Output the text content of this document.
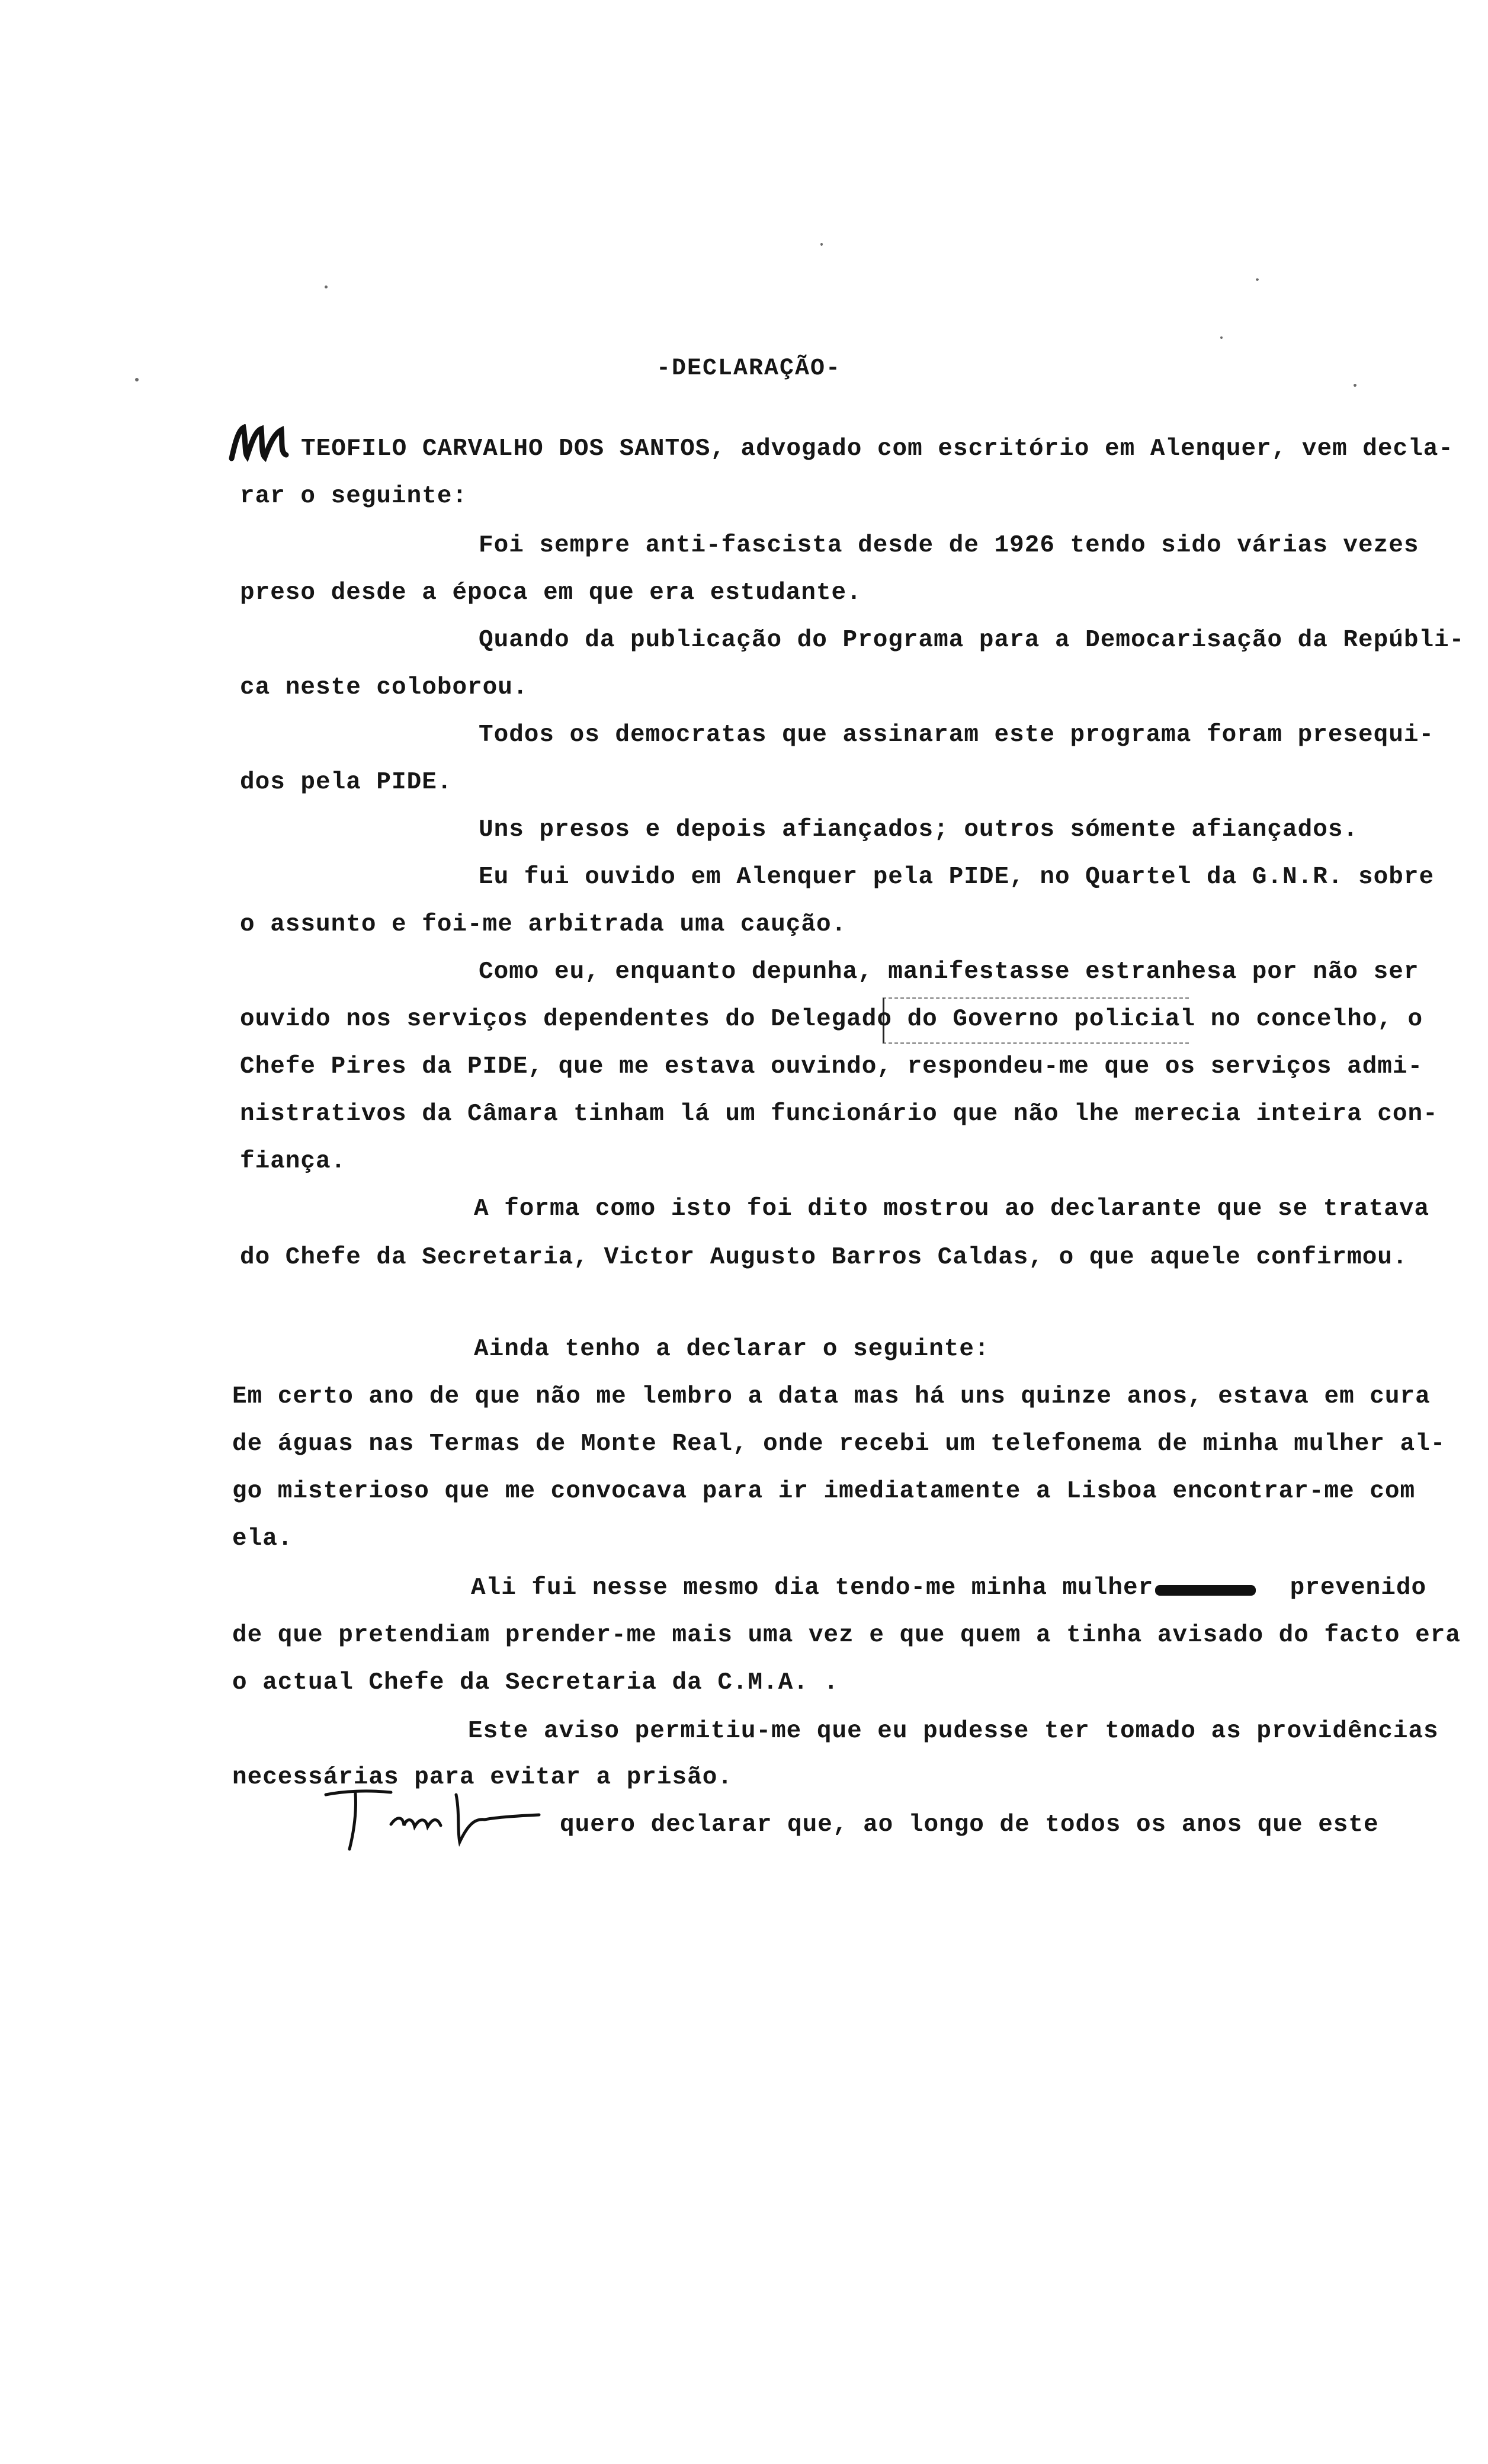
-DECLARAÇÃO-
TEOFILO CARVALHO DOS SANTOS, advogado com escritório em Alenquer, vem decla-
rar o seguinte:
Foi sempre anti-fascista desde de 1926 tendo sido várias vezes
preso desde a época em que era estudante.
Quando da publicação do Programa para a Democarisação da Repúbli-
ca neste coloborou.
Todos os democratas que assinaram este programa foram presequi-
dos pela PIDE.
Uns presos e depois afiançados; outros sómente afiançados.
Eu fui ouvido em Alenquer pela PIDE, no Quartel da G.N.R. sobre
o assunto e foi-me arbitrada uma caução.
Como eu, enquanto depunha, manifestasse estranhesa por não ser
ouvido nos serviços dependentes do Delegado do Governo policial no concelho, o
Chefe Pires da PIDE, que me estava ouvindo, respondeu-me que os serviços admi-
nistrativos da Câmara tinham lá um funcionário que não lhe merecia inteira con-
fiança.
A forma como isto foi dito mostrou ao declarante que se tratava
do Chefe da Secretaria, Victor Augusto Barros Caldas, o que aquele confirmou.
Ainda tenho a declarar o seguinte:
Em certo ano de que não me lembro a data mas há uns quinze anos, estava em cura
de águas nas Termas de Monte Real, onde recebi um telefonema de minha mulher al-
go misterioso que me convocava para ir imediatamente a Lisboa encontrar-me com
ela.
Ali fui nesse mesmo dia tendo-me minha mulher         prevenido
de que pretendiam prender-me mais uma vez e que quem a tinha avisado do facto era
o actual Chefe da Secretaria da C.M.A. .
Este aviso permitiu-me que eu pudesse ter tomado as providências
necessárias para evitar a prisão.
quero declarar que, ao longo de todos os anos que este
